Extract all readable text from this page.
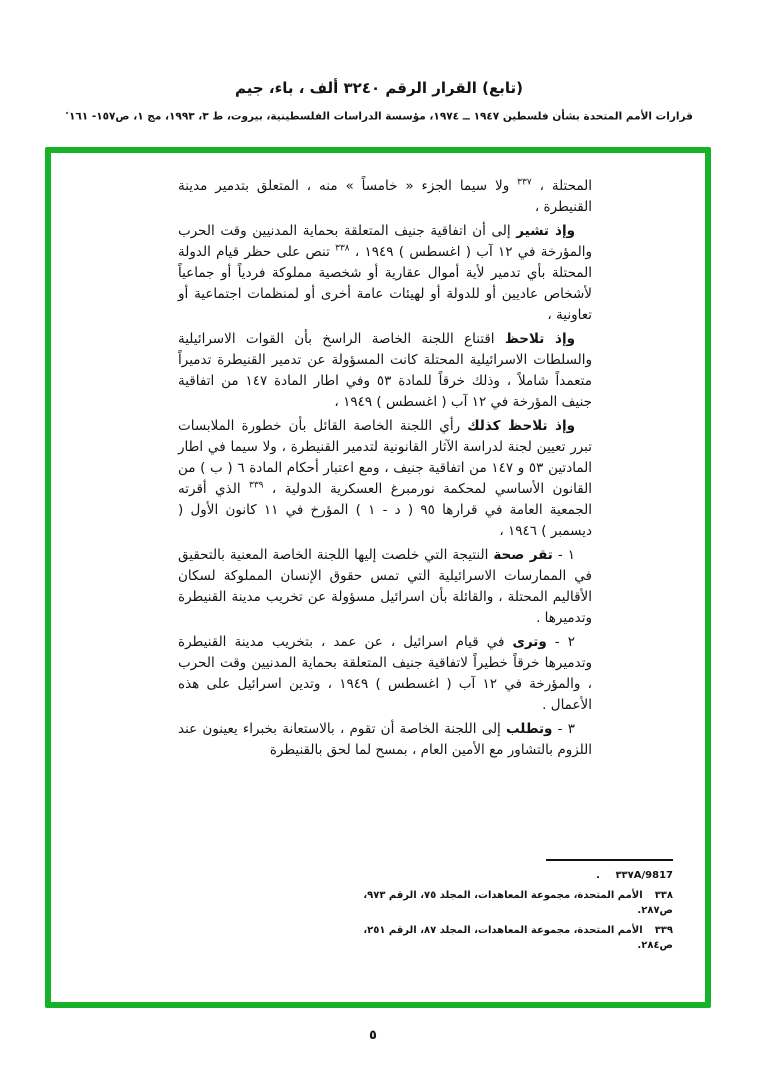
(تابع) القرار الرقم ٣٢٤٠ ألف ، باء، جيم
قرارات الأمم المتحدة بشأن فلسطين ١٩٤٧ ــ ١٩٧٤، مؤسسة الدراسات الفلسطينية، بيروت، ط ٣، ١٩٩٣، مج ١، ص١٥٧- ١٦١٭

المحتلة ، $^{٣٣٧}$ ولا سيما الجزء « خامساً » منه ، المتعلق بتدمير مدينة القنيطرة ،

وإذ تشير إلى أن اتفاقية جنيف المتعلقة بحماية المدنيين وقت الحرب والمؤرخة في ١٢ آب ( اغسطس ) ١٩٤٩ ، $^{٣٣٨}$ تنص على حظر قيام الدولة المحتلة بأي تدمير لأية أموال عقارية أو شخصية مملوكة فردياً أو جماعياً لأشخاص عاديين أو للدولة أو لهيئات عامة أخرى أو لمنظمات اجتماعية أو تعاونية ،

وإذ تلاحظ اقتناع اللجنة الخاصة الراسخ بأن القوات الاسرائيلية والسلطات الاسرائيلية المحتلة كانت المسؤولة عن تدمير القنيطرة تدميراً متعمداً شاملاً ، وذلك خرقاً للمادة ٥٣ وفي اطار المادة ١٤٧ من اتفاقية جنيف المؤرخة في ١٢ آب ( اغسطس ) ١٩٤٩ ،

وإذ تلاحظ كذلك رأي اللجنة الخاصة القائل بأن خطورة الملابسات تبرر تعيين لجنة لدراسة الآثار القانونية لتدمير القنيطرة ، ولا سيما في اطار المادتين ٥٣ و ١٤٧ من اتفاقية جنيف ، ومع اعتبار أحكام المادة ٦ ( ب ) من القانون الأساسي لمحكمة نورمبرغ العسكرية الدولية ، $^{٣٣٩}$ الذي أقرته الجمعية العامة في قرارها ٩٥ ( د - ١ ) المؤرخ في ١١ كانون الأول ( ديسمبر ) ١٩٤٦ ،

١ - تقر صحة النتيجة التي خلصت إليها اللجنة الخاصة المعنية بالتحقيق في الممارسات الاسرائيلية التي تمس حقوق الإنسان المملوكة لسكان الأقاليم المحتلة ، والقائلة بأن اسرائيل مسؤولة عن تخريب مدينة القنيطرة وتدميرها .

٢ - وترى في قيام اسرائيل ، عن عمد ، بتخريب مدينة القنيطرة وتدميرها خرقاً خطيراً لاتفاقية جنيف المتعلقة بحماية المدنيين وقت الحرب ، والمؤرخة في ١٢ آب ( اغسطس ) ١٩٤٩ ، وتدين اسرائيل على هذه الأعمال .

٣ - وتطلب إلى اللجنة الخاصة أن تقوم ، بالاستعانة بخبراء يعينون عند اللزوم بالتشاور مع الأمين العام ، بمسح لما لحق بالقنيطرة

٣٣٧A/9817 .
٣٣٨الأمم المتحدة، مجموعة المعاهدات، المجلد ٧٥، الرقم ٩٧٣، ص٢٨٧.
٣٣٩الأمم المتحدة، مجموعة المعاهدات، المجلد ٨٧، الرقم ٢٥١، ص٢٨٤.
٥
